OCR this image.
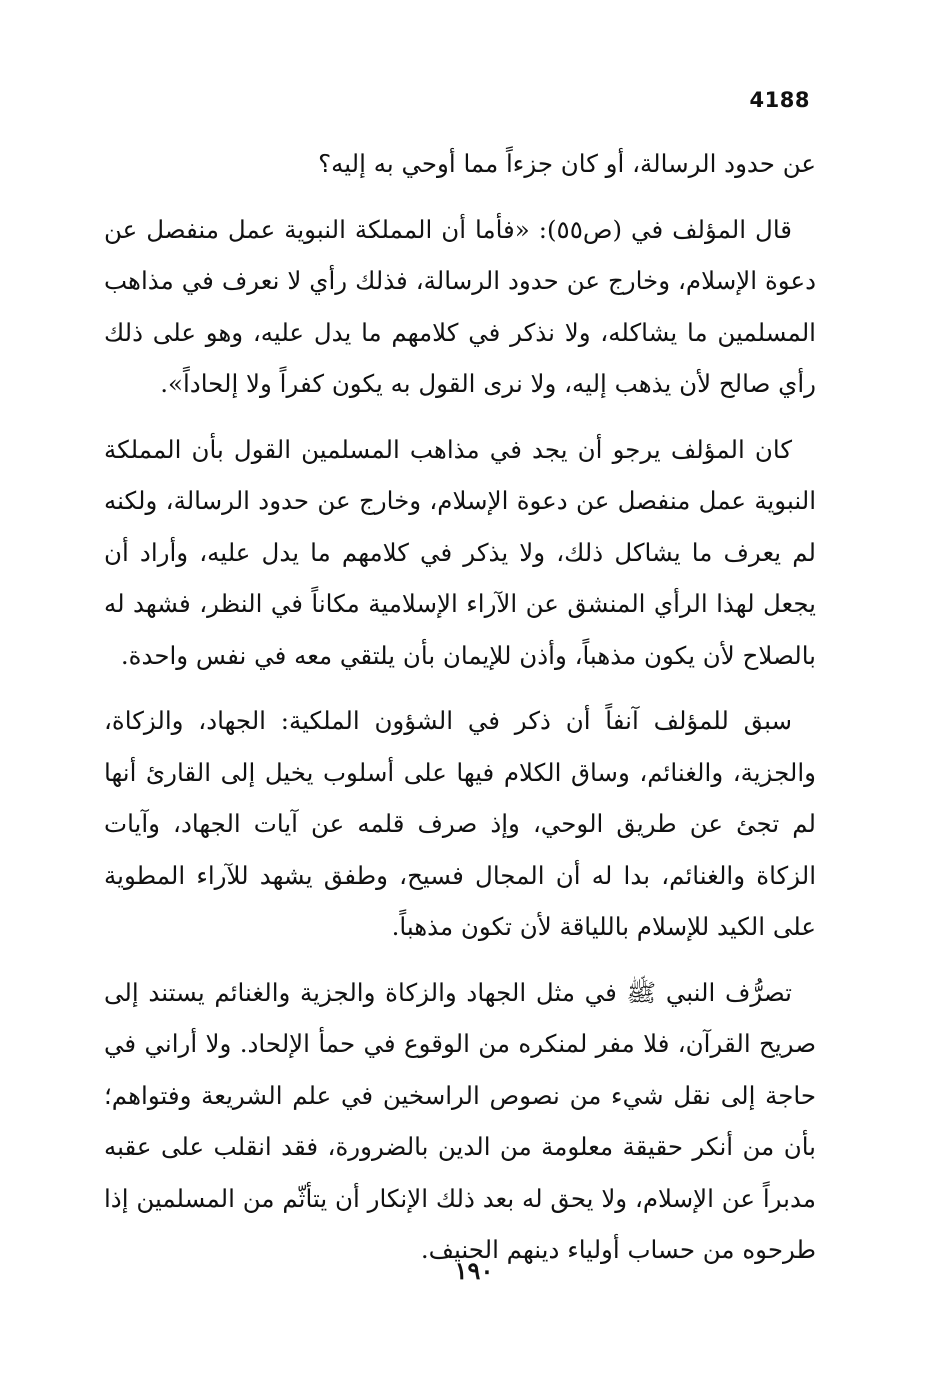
4188

عن حدود الرسالة، أو كان جزءاً مما أوحي به إليه؟

قال المؤلف في (ص٥٥): «فأما أن المملكة النبوية عمل منفصل عن دعوة الإسلام، وخارج عن حدود الرسالة، فذلك رأي لا نعرف في مذاهب المسلمين ما يشاكله، ولا نذكر في كلامهم ما يدل عليه، وهو على ذلك رأي صالح لأن يذهب إليه، ولا نرى القول به يكون كفراً ولا إلحاداً».

كان المؤلف يرجو أن يجد في مذاهب المسلمين القول بأن المملكة النبوية عمل منفصل عن دعوة الإسلام، وخارج عن حدود الرسالة، ولكنه لم يعرف ما يشاكل ذلك، ولا يذكر في كلامهم ما يدل عليه، وأراد أن يجعل لهذا الرأي المنشق عن الآراء الإسلامية مكاناً في النظر، فشهد له بالصلاح لأن يكون مذهباً، وأذن للإيمان بأن يلتقي معه في نفس واحدة.

سبق للمؤلف آنفاً أن ذكر في الشؤون الملكية: الجهاد، والزكاة، والجزية، والغنائم، وساق الكلام فيها على أسلوب يخيل إلى القارئ أنها لم تجئ عن طريق الوحي، وإذ صرف قلمه عن آيات الجهاد، وآيات الزكاة والغنائم، بدا له أن المجال فسيح، وطفق يشهد للآراء المطوية على الكيد للإسلام باللياقة لأن تكون مذهباً.

تصرُّف النبي ﷺ في مثل الجهاد والزكاة والجزية والغنائم يستند إلى صريح القرآن، فلا مفر لمنكره من الوقوع في حمأ الإلحاد. ولا أراني في حاجة إلى نقل شيء من نصوص الراسخين في علم الشريعة وفتواهم؛ بأن من أنكر حقيقة معلومة من الدين بالضرورة، فقد انقلب على عقبه مدبراً عن الإسلام، ولا يحق له بعد ذلك الإنكار أن يتأثّم من المسلمين إذا طرحوه من حساب أولياء دينهم الحنيف.

١٩٠
